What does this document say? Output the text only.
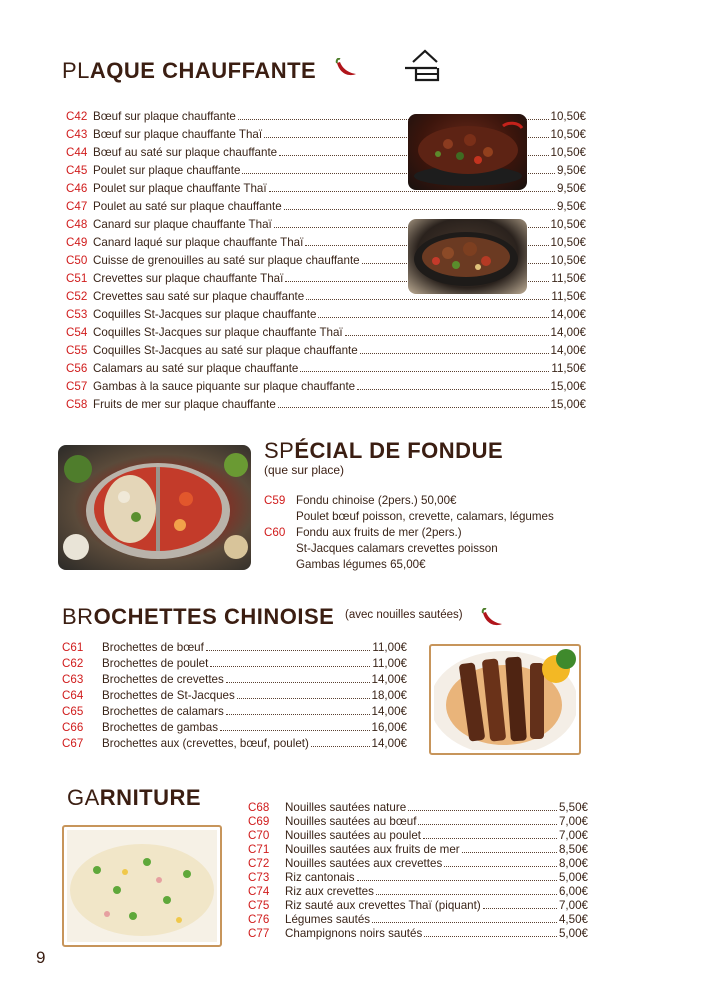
PLAQUE CHAUFFANTE
C42 Bœuf sur plaque chauffante	10,50€
C43 Bœuf sur plaque chauffante Thaï	10,50€
C44 Bœuf au saté sur plaque chauffante	10,50€
C45 Poulet sur plaque chauffante	9,50€
C46 Poulet sur plaque chauffante Thaï	9,50€
C47 Poulet au saté sur plaque chauffante	9,50€
C48 Canard sur plaque chauffante Thaï	10,50€
C49 Canard laqué sur plaque chauffante Thaï	10,50€
C50 Cuisse de grenouilles au saté sur plaque chauffante	10,50€
C51 Crevettes sur plaque chauffante Thaï	11,50€
C52 Crevettes sau saté sur plaque chauffante	11,50€
C53 Coquilles St-Jacques sur plaque chauffante	14,00€
C54 Coquilles St-Jacques sur plaque chauffante Thaï	14,00€
C55 Coquilles St-Jacques au saté sur plaque chauffante	14,00€
C56 Calamars au saté sur plaque chauffante	11,50€
C57 Gambas à la sauce piquante sur plaque chauffante	15,00€
C58 Fruits de mer sur plaque chauffante	15,00€
SPÉCIAL DE FONDUE
(que sur place)
C59 Fondu chinoise (2pers.) 50,00€
Poulet bœuf poisson, crevette, calamars, légumes
C60 Fondu aux fruits de mer (2pers.)
St-Jacques calamars crevettes poisson
Gambas légumes 65,00€
BROCHETTES CHINOISE (avec nouilles sautées)
C61	Brochettes de bœuf	11,00€
C62	Brochettes de poulet	11,00€
C63	Brochettes de crevettes	14,00€
C64	Brochettes de St-Jacques	18,00€
C65	Brochettes de calamars	14,00€
C66	Brochettes de gambas	16,00€
C67	Brochettes aux (crevettes, bœuf, poulet)	14,00€
GARNITURE	C68	Nouilles sautées nature	5,50€
C69	Nouilles sautées au bœuf	7,00€
C70	Nouilles sautées au poulet	7,00€
C71	Nouilles sautées aux fruits de mer	8,50€
C72	Nouilles sautées aux crevettes	8,00€
C73	Riz cantonais	5,00€
C74	Riz aux crevettes	6,00€
C75	Riz sauté aux crevettes Thaï (piquant)	7,00€
C76	Légumes sautés	4,50€
C77	Champignons noirs sautés	5,00€
9
